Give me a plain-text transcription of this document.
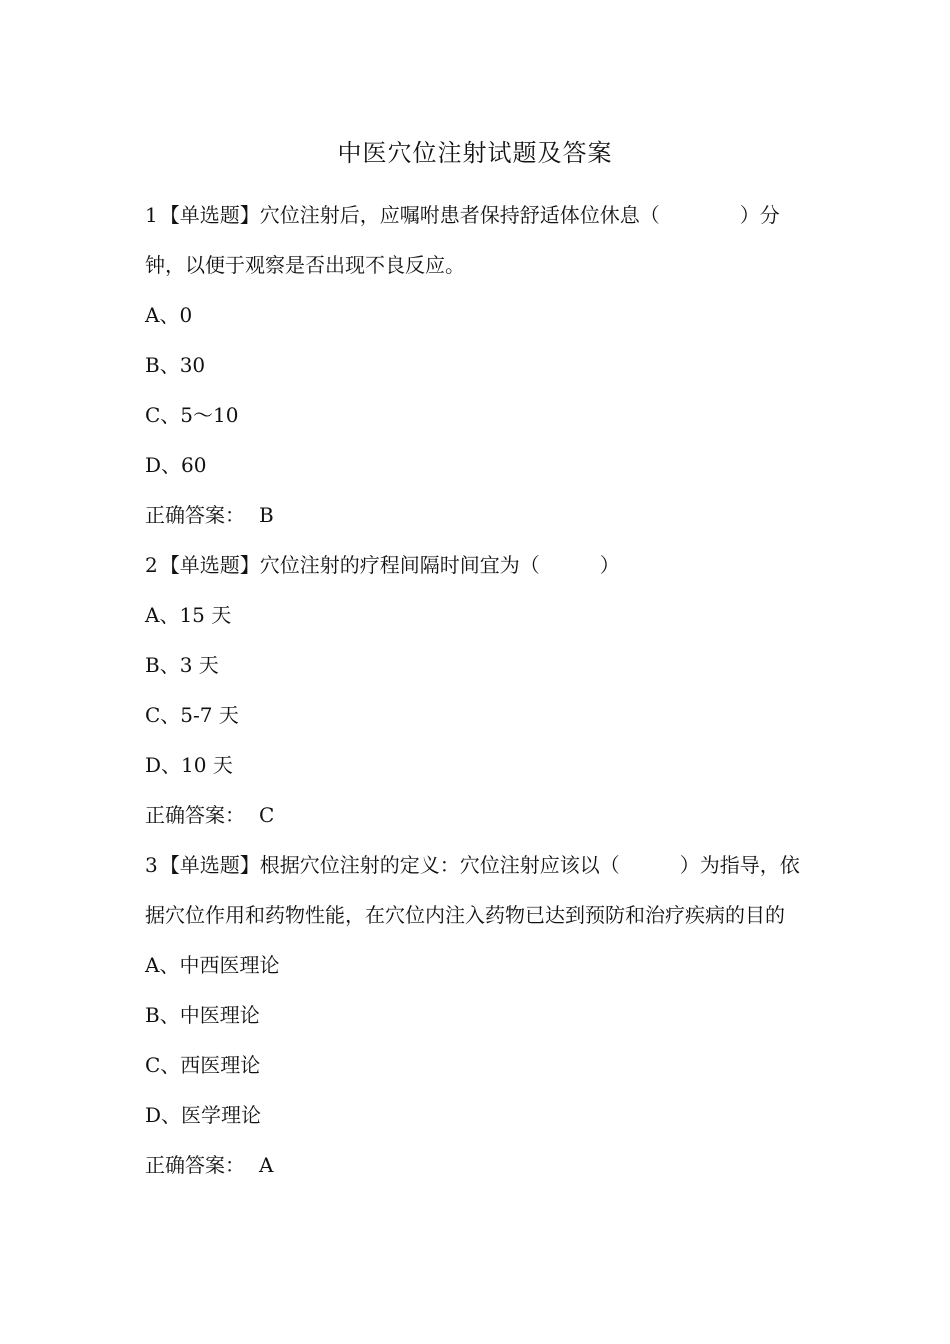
中医穴位注射试题及答案

1 【单选题】穴位注射后，应嘱咐患者保持舒适体位休息（	）分钟，以便于观察是否出现不良反应。

A、0

B、30

C、5～10

D、60

正确答案： B

2 【单选题】穴位注射的疗程间隔时间宜为（	）

A、15 天

B、3 天

C、5-7 天

D、10 天

正确答案： C

3 【单选题】根据穴位注射的定义：穴位注射应该以（	）为指导，依据穴位作用和药物性能，在穴位内注入药物已达到预防和治疗疾病的目的

A、中西医理论

B、中医理论

C、西医理论

D、医学理论

正确答案： A
